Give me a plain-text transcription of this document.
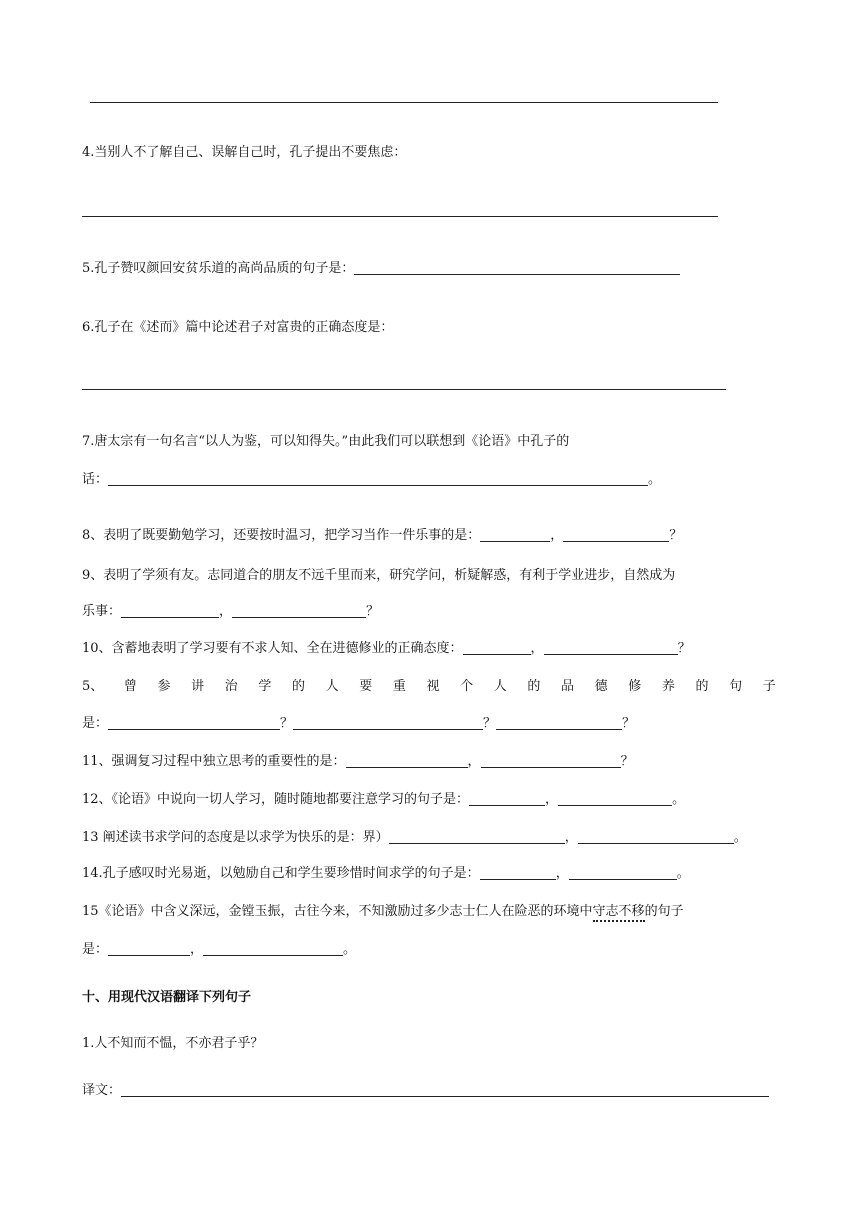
4.当别人不了解自己、误解自己时，孔子提出不要焦虑：
5.孔子赞叹颜回安贫乐道的高尚品质的句子是：
6.孔子在《述而》篇中论述君子对富贵的正确态度是：
7.唐太宗有一句名言“以人为鉴，可以知得失。”由此我们可以联想到《论语》中孔子的
话：	。
8、表明了既要勤勉学习，还要按时温习，把学习当作一件乐事的是：	，	？
9、表明了学须有友。志同道合的朋友不远千里而来，研究学问，析疑解惑，有利于学业进步，自然成为
乐事：	，	？
10、含蓄地表明了学习要有不求人知、全在进德修业的正确态度：	，	？
5、 曾 参 讲 治 学 的 人 要 重 视 个 人 的 品 德 修 养 的 句 子
是：	？	？	？
11、强调复习过程中独立思考的重要性的是：	，	？
12、《论语》中说向一切人学习，随时随地都要注意学习的句子是：	，	。
13 阐述读书求学问的态度是以求学为快乐的是：界）	，	。
14.孔子感叹时光易逝，以勉励自己和学生要珍惜时间求学的句子是：	，	。
15《论语》中含义深远，金镗玉振，古往今来，不知激励过多少志士仁人在险恶的环境中守志不移的句子
是：	，	。
十、用现代汉语翻译下列句子
1.人不知而不愠，不亦君子乎？
译文：
